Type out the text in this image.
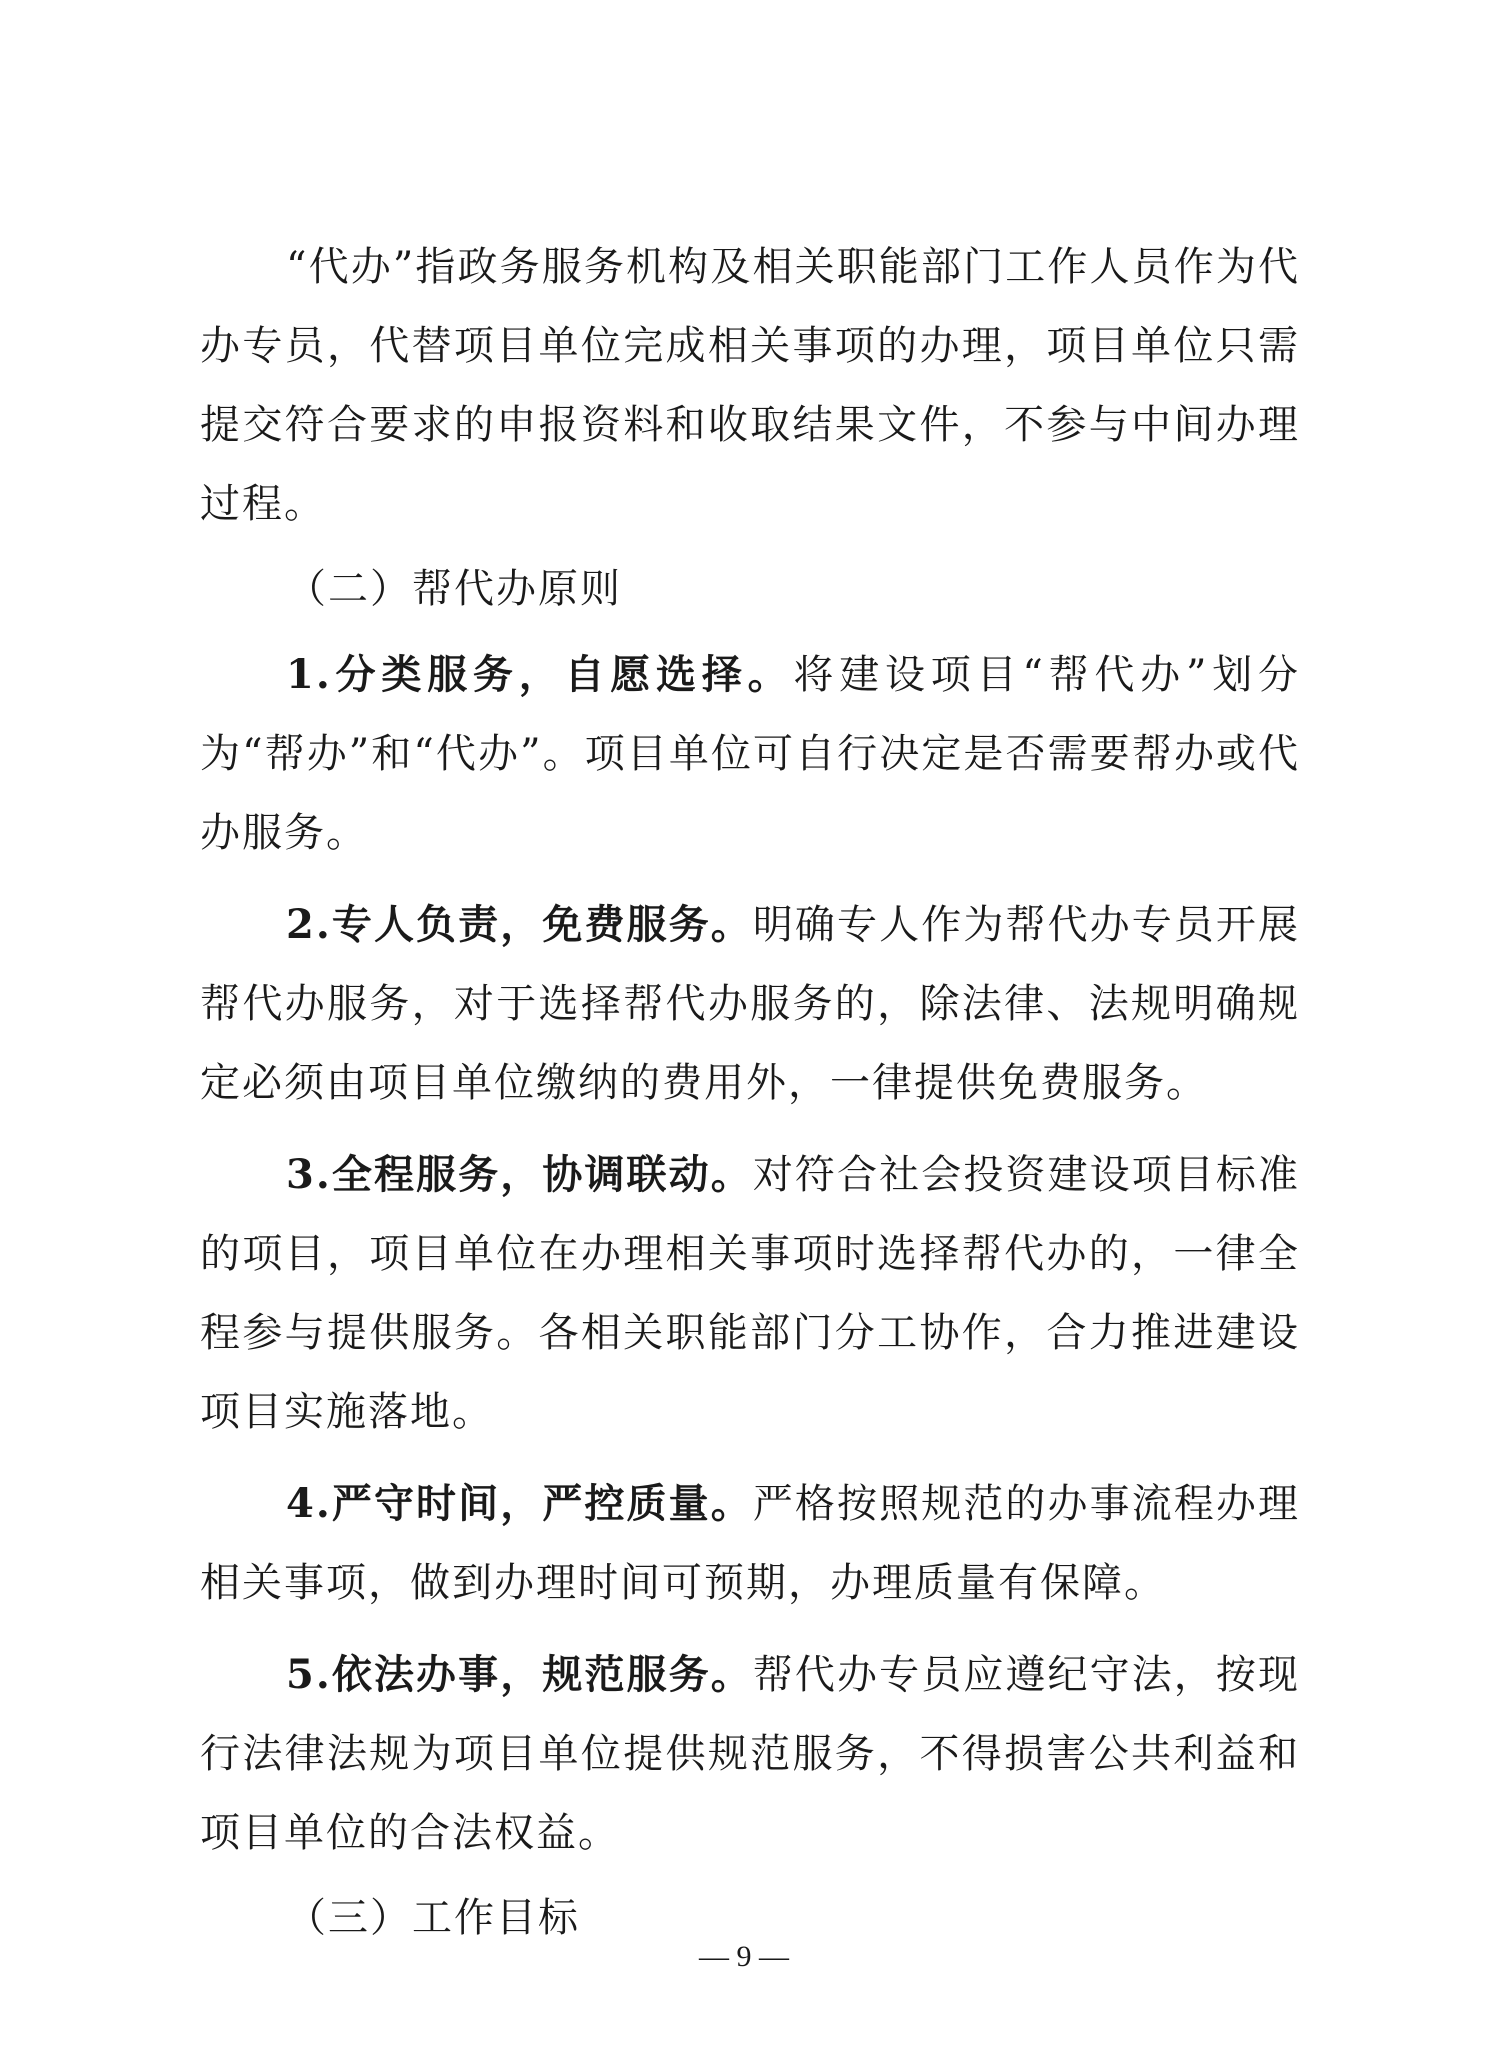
“代办”指政务服务机构及相关职能部门工作人员作为代办专员，代替项目单位完成相关事项的办理，项目单位只需提交符合要求的申报资料和收取结果文件，不参与中间办理过程。

（二）帮代办原则

1.分类服务，自愿选择。将建设项目“帮代办”划分为“帮办”和“代办”。项目单位可自行决定是否需要帮办或代办服务。

2.专人负责，免费服务。明确专人作为帮代办专员开展帮代办服务，对于选择帮代办服务的，除法律、法规明确规定必须由项目单位缴纳的费用外，一律提供免费服务。

3.全程服务，协调联动。对符合社会投资建设项目标准的项目，项目单位在办理相关事项时选择帮代办的，一律全程参与提供服务。各相关职能部门分工协作，合力推进建设项目实施落地。

4.严守时间，严控质量。严格按照规范的办事流程办理相关事项，做到办理时间可预期，办理质量有保障。

5.依法办事，规范服务。帮代办专员应遵纪守法，按现行法律法规为项目单位提供规范服务，不得损害公共利益和项目单位的合法权益。

（三）工作目标

— 9 —
